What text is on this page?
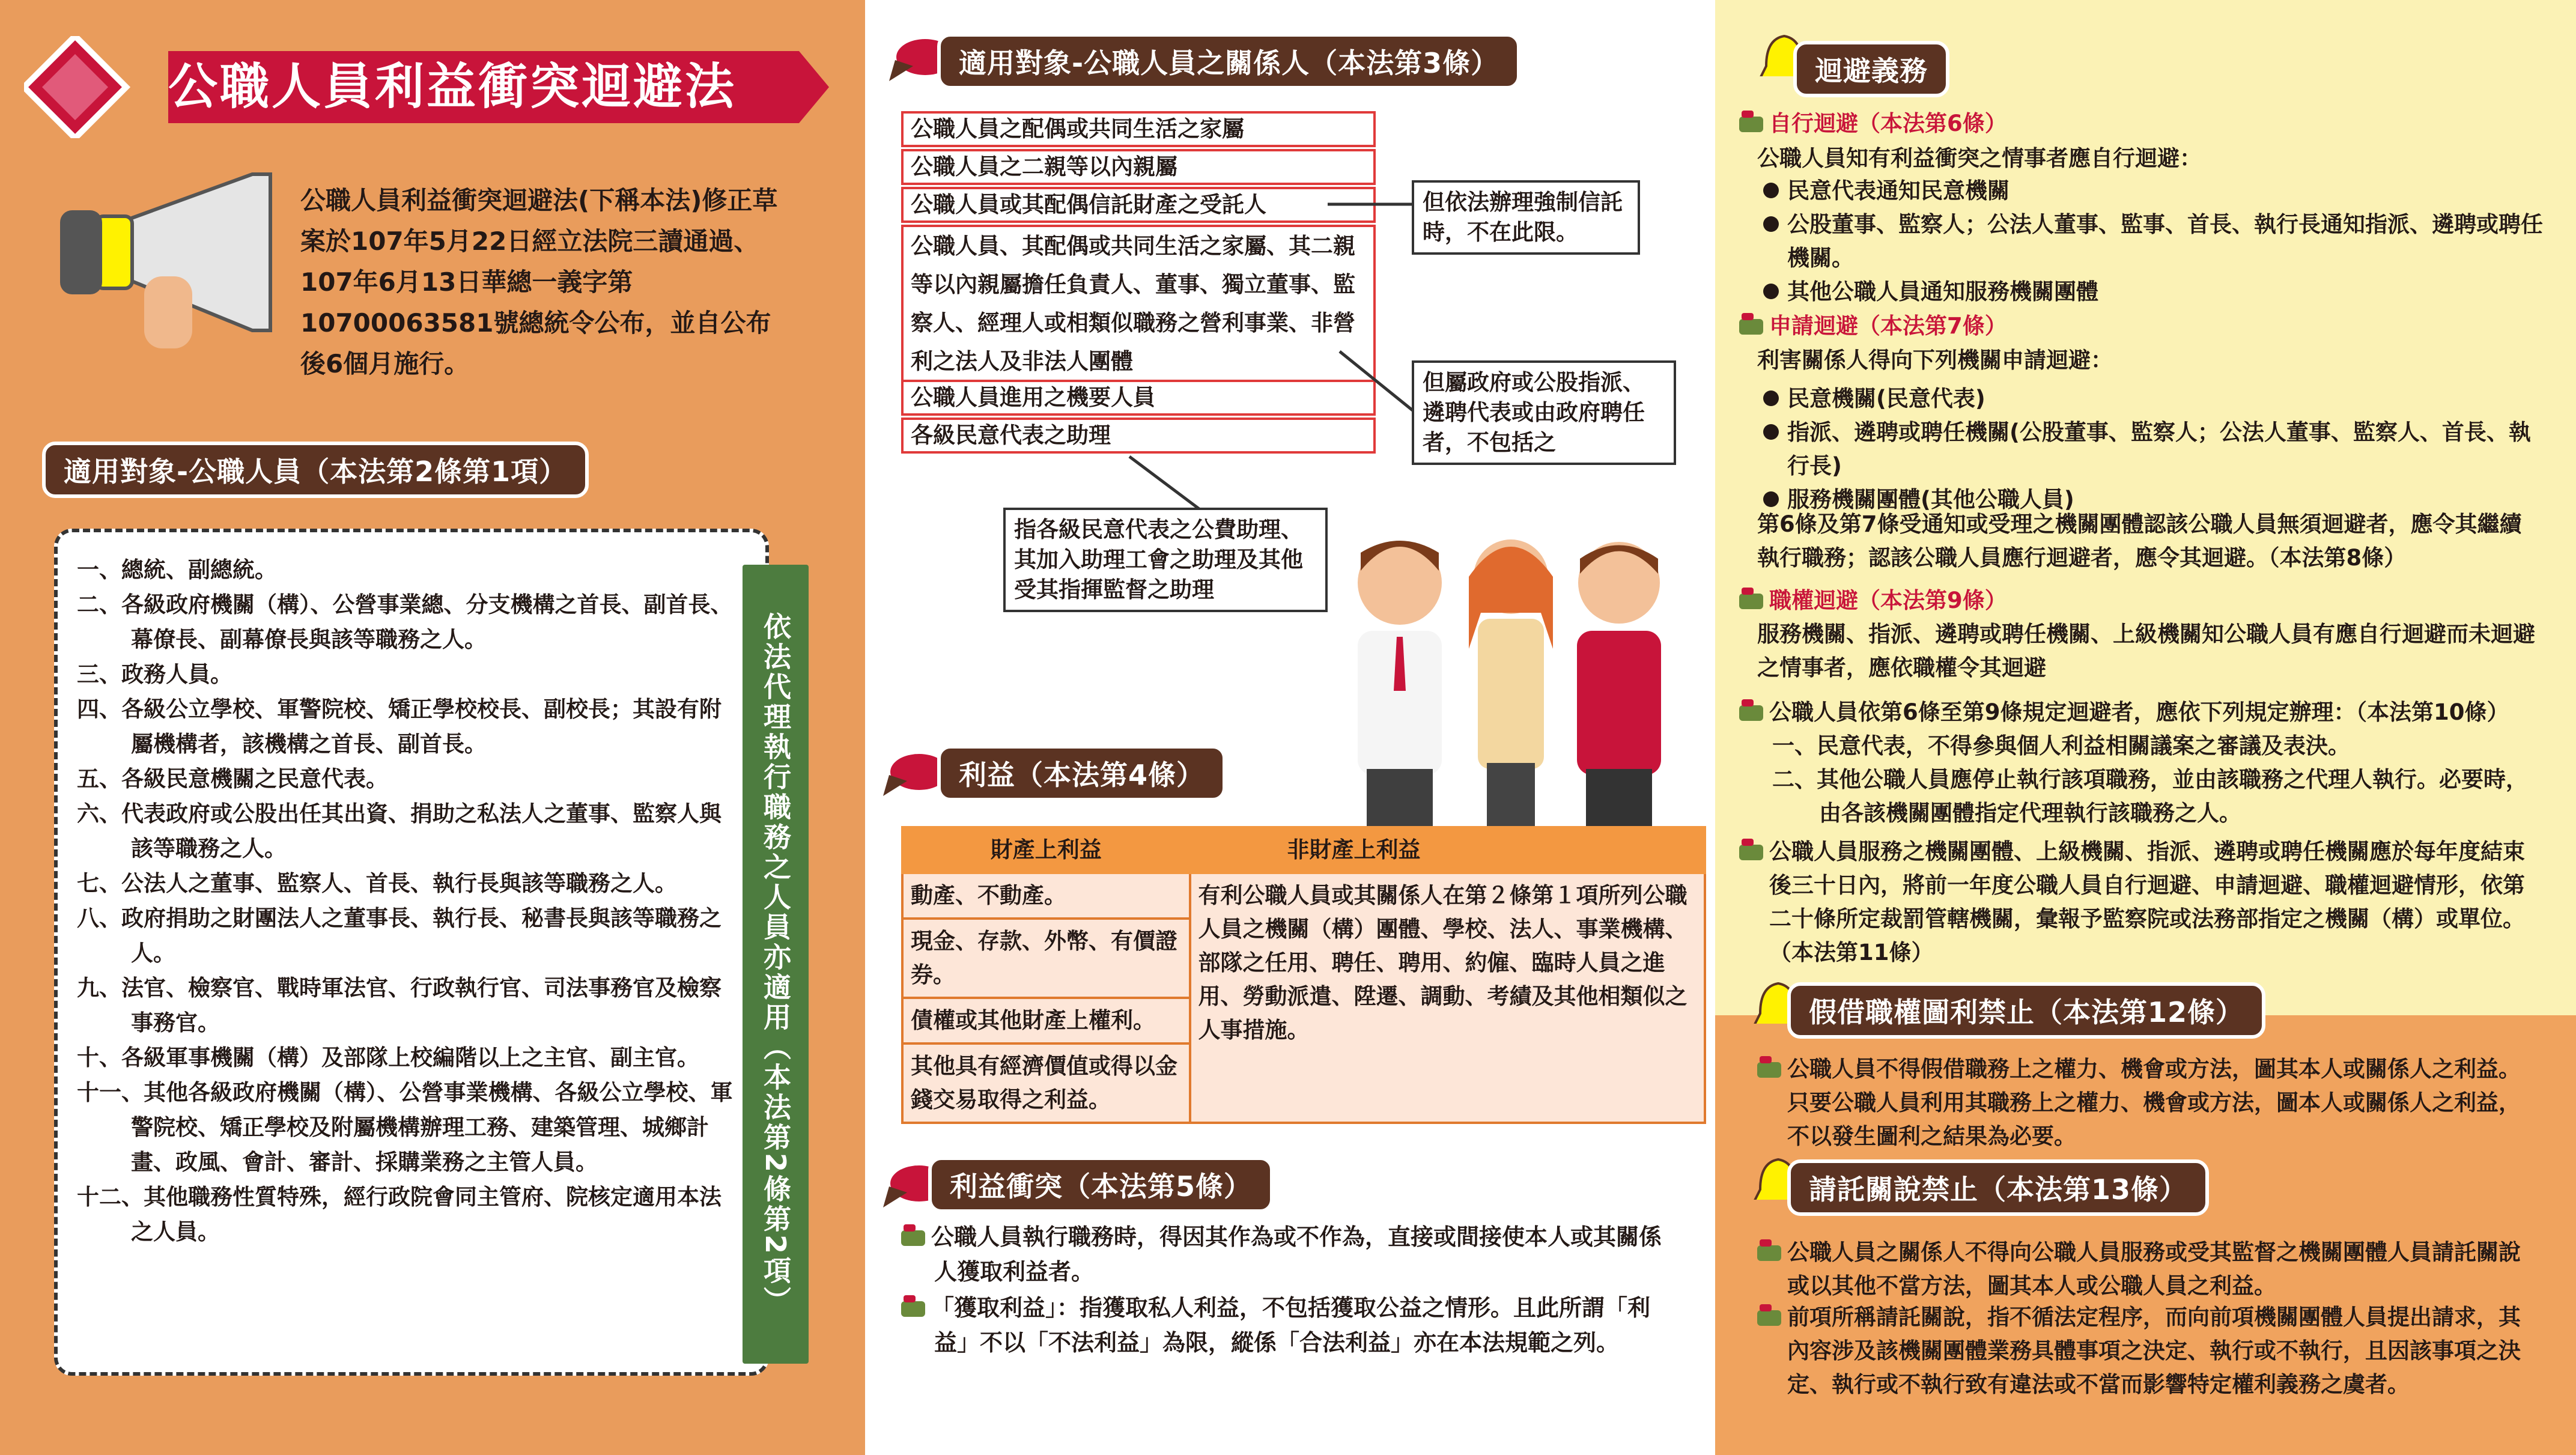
公職人員利益衝突迴避法
公職人員利益衝突迴避法(下稱本法)修正草案於107年5月22日經立法院三讀通過、107年6月13日華總一義字第10700063581號總統令公布，並自公布後6個月施行。
適用對象-公職人員（本法第2條第1項）
一、總統、副總統。
二、各級政府機關（構）、公營事業總、分支機構之首長、副首長、幕僚長、副幕僚長與該等職務之人。
三、政務人員。
四、各級公立學校、軍警院校、矯正學校校長、副校長；其設有附屬機構者，該機構之首長、副首長。
五、各級民意機關之民意代表。
六、代表政府或公股出任其出資、捐助之私法人之董事、監察人與該等職務之人。
七、公法人之董事、監察人、首長、執行長與該等職務之人。
八、政府捐助之財團法人之董事長、執行長、秘書長與該等職務之人。
九、法官、檢察官、戰時軍法官、行政執行官、司法事務官及檢察事務官。
十、各級軍事機關（構）及部隊上校編階以上之主官、副主官。
十一、其他各級政府機關（構）、公營事業機構、各級公立學校、軍警院校、矯正學校及附屬機構辦理工務、建築管理、城鄉計畫、政風、會計、審計、採購業務之主管人員。
十二、其他職務性質特殊，經行政院會同主管府、院核定適用本法之人員。	依法代理執行職務之人員亦適用（本法第2條第2項）
適用對象-公職人員之關係人（本法第3條）
公職人員之配偶或共同生活之家屬
公職人員之二親等以內親屬
公職人員或其配偶信託財產之受託人
公職人員、其配偶或共同生活之家屬、其二親等以內親屬擔任負責人、董事、獨立董事、監察人、經理人或相類似職務之營利事業、非營利之法人及非法人團體
公職人員進用之機要人員
各級民意代表之助理
但依法辦理強制信託時，不在此限。
但屬政府或公股指派、遴聘代表或由政府聘任者，不包括之
指各級民意代表之公費助理、其加入助理工會之助理及其他受其指揮監督之助理
利益（本法第4條）
財產上利益	非財產上利益
動產、不動產。	有利公職人員或其關係人在第２條第１項所列公職人員之機關（構）團體、學校、法人、事業機構、部隊之任用、聘任、聘用、約僱、臨時人員之進用、勞動派遣、陞遷、調動、考績及其他相類似之人事措施。
現金、存款、外幣、有價證券。	
債權或其他財產上權利。	
其他具有經濟價值或得以金錢交易取得之利益。	
利益衝突（本法第5條）
公職人員執行職務時，得因其作為或不作為，直接或間接使本人或其關係人獲取利益者。
「獲取利益」：指獲取私人利益，不包括獲取公益之情形。且此所謂「利益」不以「不法利益」為限，縱係「合法利益」亦在本法規範之列。
迴避義務
自行迴避（本法第6條）
公職人員知有利益衝突之情事者應自行迴避：
民意代表通知民意機關
公股董事、監察人；公法人董事、監事、首長、執行長通知指派、遴聘或聘任機關。
其他公職人員通知服務機關團體
申請迴避（本法第7條）
利害關係人得向下列機關申請迴避：
民意機關(民意代表)
指派、遴聘或聘任機關(公股董事、監察人；公法人董事、監察人、首長、執行長)
服務機關團體(其他公職人員)
第6條及第7條受通知或受理之機關團體認該公職人員無須迴避者，應令其繼續執行職務；認該公職人員應行迴避者，應令其迴避。（本法第8條）
職權迴避（本法第9條）
服務機關、指派、遴聘或聘任機關、上級機關知公職人員有應自行迴避而未迴避之情事者，應依職權令其迴避
公職人員依第6條至第9條規定迴避者，應依下列規定辦理：（本法第10條）
一、民意代表，不得參與個人利益相關議案之審議及表決。
二、其他公職人員應停止執行該項職務，並由該職務之代理人執行。必要時，由各該機關團體指定代理執行該職務之人。
公職人員服務之機關團體、上級機關、指派、遴聘或聘任機關應於每年度結束後三十日內，將前一年度公職人員自行迴避、申請迴避、職權迴避情形，依第二十條所定裁罰管轄機關，彙報予監察院或法務部指定之機關（構）或單位。（本法第11條）
假借職權圖利禁止（本法第12條）
公職人員不得假借職務上之權力、機會或方法，圖其本人或關係人之利益。只要公職人員利用其職務上之權力、機會或方法，圖本人或關係人之利益，不以發生圖利之結果為必要。
請託關說禁止（本法第13條）
公職人員之關係人不得向公職人員服務或受其監督之機關團體人員請託關說或以其他不當方法，圖其本人或公職人員之利益。
前項所稱請託關說，指不循法定程序，而向前項機關團體人員提出請求，其內容涉及該機關團體業務具體事項之決定、執行或不執行，且因該事項之決定、執行或不執行致有違法或不當而影響特定權利義務之虞者。
